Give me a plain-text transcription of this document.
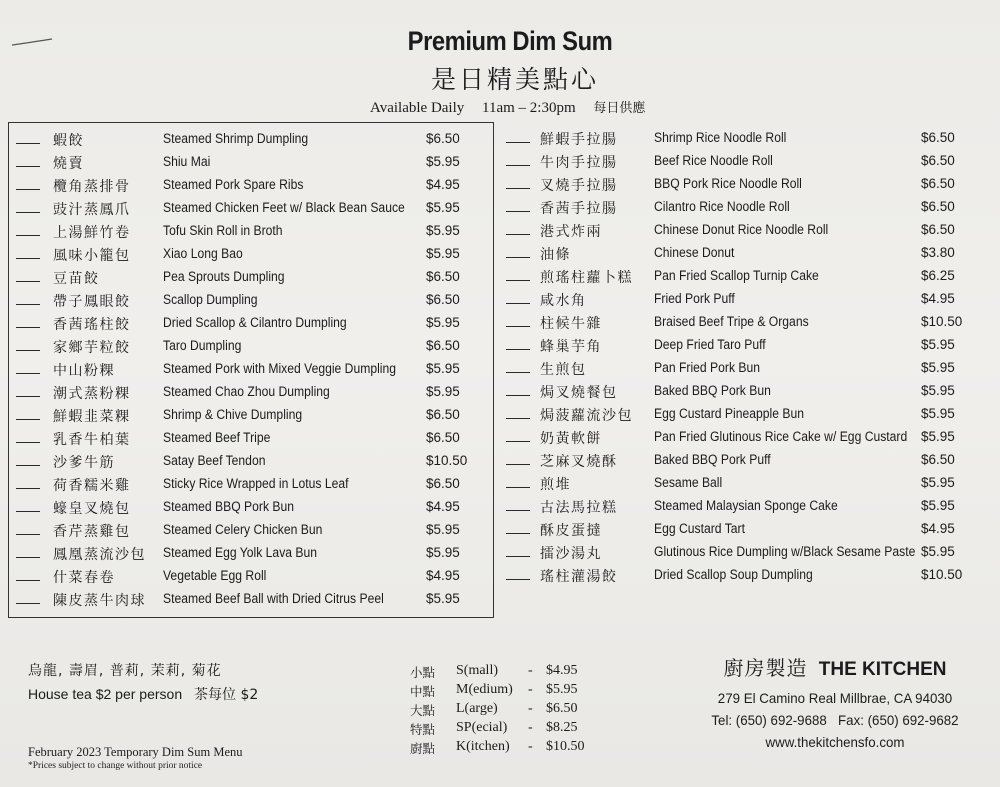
Premium Dim Sum
是日精美點心
Available Daily 11am – 2:30pm 每日供應
蝦餃	Steamed Shrimp Dumpling	$6.50
燒賣	Shiu Mai	$5.95
欖角蒸排骨 Steamed Pork Spare Ribs	$4.95
豉汁蒸鳳爪 Steamed Chicken Feet w/ Black Bean Sauce $5.95
上湯鮮竹卷 Tofu Skin Roll in Broth	$5.95
風味小籠包 Xiao Long Bao	$5.95
豆苗餃	Pea Sprouts Dumpling	$6.50
帶子鳳眼餃 Scallop Dumpling	$6.50
香茜瑤柱餃 Dried Scallop & Cilantro Dumpling	$5.95
家鄉芋粒餃 Taro Dumpling	$6.50
中山粉粿	Steamed Pork with Mixed Veggie Dumpling $5.95
潮式蒸粉粿 Steamed Chao Zhou Dumpling	$5.95
鮮蝦韭菜粿 Shrimp & Chive Dumpling	$6.50
乳香牛柏葉 Steamed Beef Tripe	$6.50
沙爹牛筋	Satay Beef Tendon	$10.50
荷香糯米雞 Sticky Rice Wrapped in Lotus Leaf	$6.50
蠔皇叉燒包 Steamed BBQ Pork Bun	$4.95
香芹蒸雞包 Steamed Celery Chicken Bun	$5.95
鳳凰蒸流沙包 Steamed Egg Yolk Lava Bun	$5.95
什菜春卷	Vegetable Egg Roll	$4.95
陳皮蒸牛肉球 Steamed Beef Ball with Dried Citrus Peel	$5.95
鮮蝦手拉腸	Shrimp Rice Noodle Roll	$6.50
牛肉手拉腸	Beef Rice Noodle Roll	$6.50
叉燒手拉腸	BBQ Pork Rice Noodle Roll	$6.50
香茜手拉腸	Cilantro Rice Noodle Roll	$6.50
港式炸兩	Chinese Donut Rice Noodle Roll	$6.50
油條	Chinese Donut	$3.80
煎瑤柱蘿卜糕 Pan Fried Scallop Turnip Cake	$6.25
咸水角	Fried Pork Puff	$4.95
柱候牛雜	Braised Beef Tripe & Organs	$10.50
蜂巢芋角	Deep Fried Taro Puff	$5.95
生煎包	Pan Fried Pork Bun	$5.95
焗叉燒餐包	Baked BBQ Pork Bun	$5.95
焗菠蘿流沙包 Egg Custard Pineapple Bun	$5.95
奶黃軟餅	Pan Fried Glutinous Rice Cake w/ Egg Custard $5.95
芝麻叉燒酥	Baked BBQ Pork Puff	$6.50
煎堆	Sesame Ball	$5.95
古法馬拉糕	Steamed Malaysian Sponge Cake	$5.95
酥皮蛋撻	Egg Custard Tart	$4.95
擂沙湯丸	Glutinous Rice Dumpling w/Black Sesame Paste $5.95
瑤柱灌湯餃	Dried Scallop Soup Dumpling	$10.50
烏龍, 壽眉, 普莉, 茉莉, 菊花
House tea $2 per person 茶每位 $2
February 2023 Temporary Dim Sum Menu
*Prices subject to change without prior notice
小點 S(mall) - $4.95
中點 M(edium) - $5.95
大點 L(arge) - $6.50
特點 SP(ecial) - $8.25
廚點 K(itchen) - $10.50
廚房製造 THE KITCHEN
279 El Camino Real Millbrae, CA 94030
Tel: (650) 692-9688 Fax: (650) 692-9682
www.thekitchensfo.com
